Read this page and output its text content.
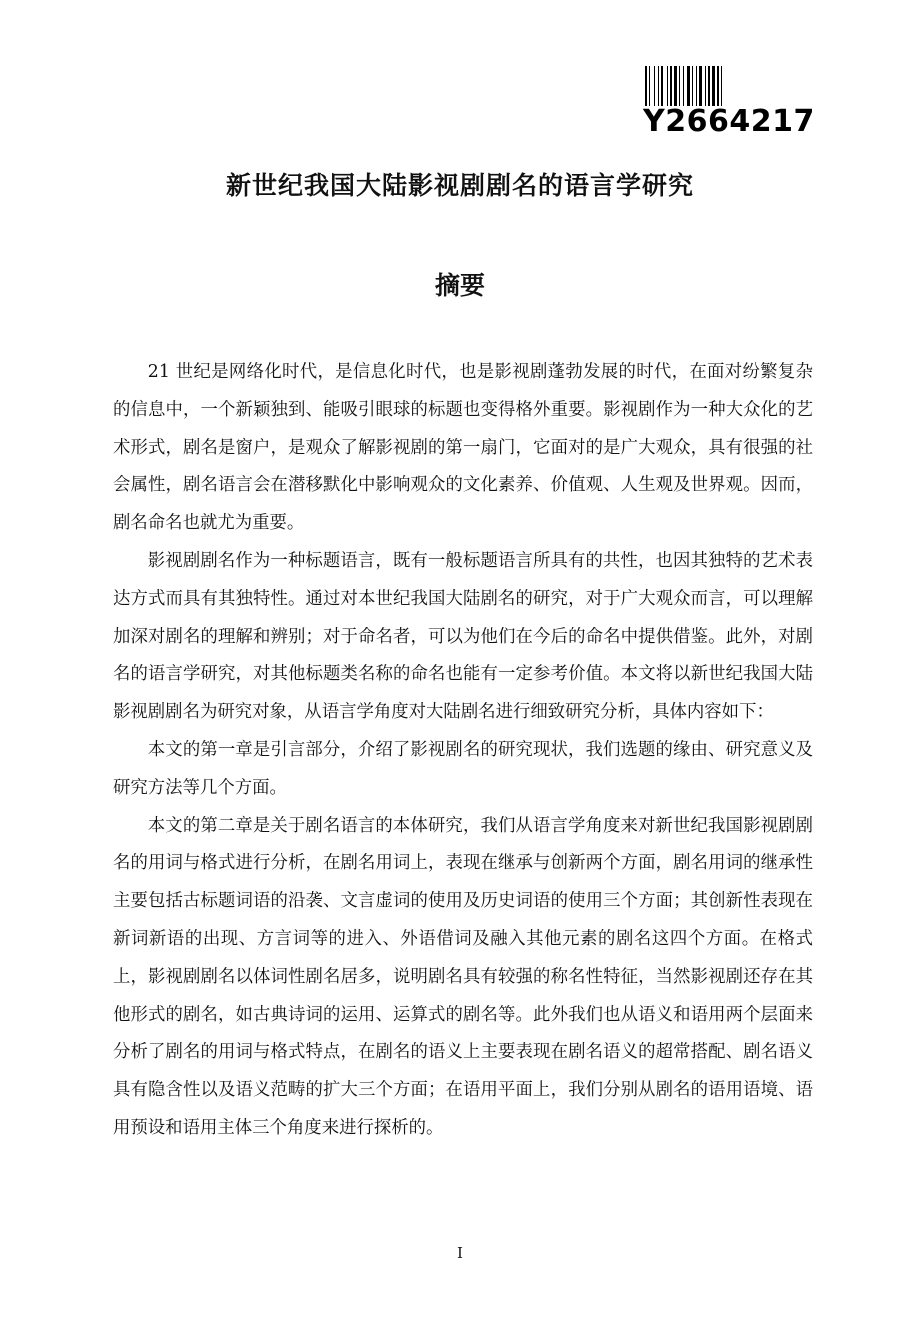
Y2664217
新世纪我国大陆影视剧剧名的语言学研究
摘要

21 世纪是网络化时代，是信息化时代，也是影视剧蓬勃发展的时代，在面对纷繁复杂的信息中，一个新颖独到、能吸引眼球的标题也变得格外重要。影视剧作为一种大众化的艺术形式，剧名是窗户，是观众了解影视剧的第一扇门，它面对的是广大观众，具有很强的社会属性，剧名语言会在潜移默化中影响观众的文化素养、价值观、人生观及世界观。因而，剧名命名也就尤为重要。

影视剧剧名作为一种标题语言，既有一般标题语言所具有的共性，也因其独特的艺术表达方式而具有其独特性。通过对本世纪我国大陆剧名的研究，对于广大观众而言，可以理解加深对剧名的理解和辨别；对于命名者，可以为他们在今后的命名中提供借鉴。此外，对剧名的语言学研究，对其他标题类名称的命名也能有一定参考价值。本文将以新世纪我国大陆影视剧剧名为研究对象，从语言学角度对大陆剧名进行细致研究分析，具体内容如下：

本文的第一章是引言部分，介绍了影视剧名的研究现状，我们选题的缘由、研究意义及研究方法等几个方面。

本文的第二章是关于剧名语言的本体研究，我们从语言学角度来对新世纪我国影视剧剧名的用词与格式进行分析，在剧名用词上，表现在继承与创新两个方面，剧名用词的继承性主要包括古标题词语的沿袭、文言虚词的使用及历史词语的使用三个方面；其创新性表现在新词新语的出现、方言词等的进入、外语借词及融入其他元素的剧名这四个方面。在格式上，影视剧剧名以体词性剧名居多，说明剧名具有较强的称名性特征，当然影视剧还存在其他形式的剧名，如古典诗词的运用、运算式的剧名等。此外我们也从语义和语用两个层面来分析了剧名的用词与格式特点，在剧名的语义上主要表现在剧名语义的超常搭配、剧名语义具有隐含性以及语义范畴的扩大三个方面；在语用平面上，我们分别从剧名的语用语境、语用预设和语用主体三个角度来进行探析的。

I
